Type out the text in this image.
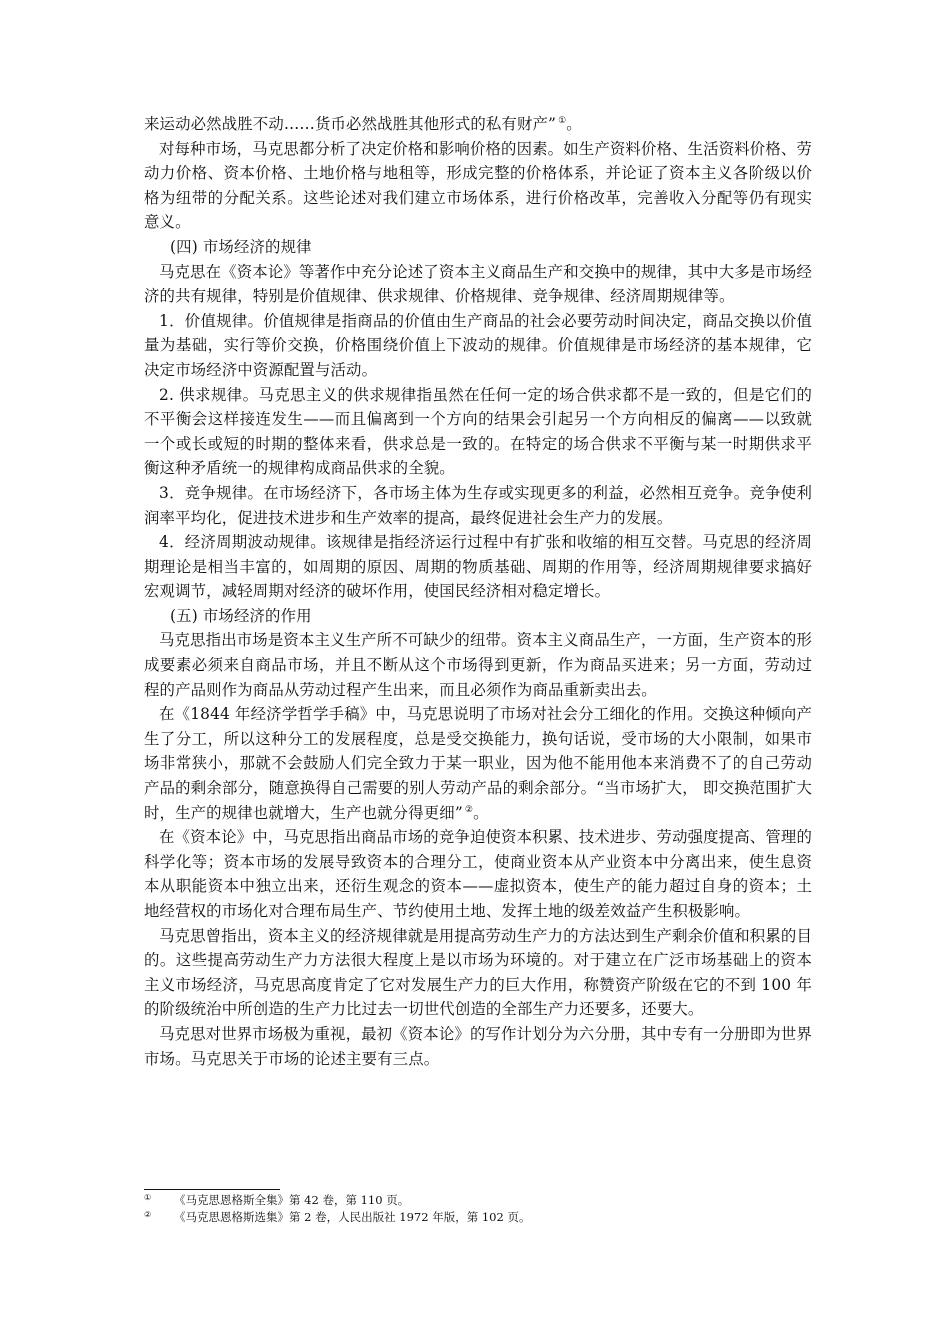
来运动必然战胜不动……货币必然战胜其他形式的私有财产” ①。

对每种市场，马克思都分析了决定价格和影响价格的因素。如生产资料价格、生活资料价格、劳动力价格、资本价格、土地价格与地租等，形成完整的价格体系，并论证了资本主义各阶级以价格为纽带的分配关系。这些论述对我们建立市场体系，进行价格改革，完善收入分配等仍有现实意义。

(四) 市场经济的规律

马克思在《资本论》等著作中充分论述了资本主义商品生产和交换中的规律，其中大多是市场经济的共有规律，特别是价值规律、供求规律、价格规律、竞争规律、经济周期规律等。

1．价值规律。价值规律是指商品的价值由生产商品的社会必要劳动时间决定，商品交换以价值量为基础，实行等价交换，价格围绕价值上下波动的规律。价值规律是市场经济的基本规律，它决定市场经济中资源配置与活动。

2. 供求规律。马克思主义的供求规律指虽然在任何一定的场合供求都不是一致的，但是它们的不平衡会这样接连发生——而且偏离到一个方向的结果会引起另一个方向相反的偏离——以致就一个或长或短的时期的整体来看，供求总是一致的。在特定的场合供求不平衡与某一时期供求平衡这种矛盾统一的规律构成商品供求的全貌。

3．竞争规律。在市场经济下，各市场主体为生存或实现更多的利益，必然相互竞争。竞争使利润率平均化，促进技术进步和生产效率的提高，最终促进社会生产力的发展。

4．经济周期波动规律。该规律是指经济运行过程中有扩张和收缩的相互交替。马克思的经济周期理论是相当丰富的，如周期的原因、周期的物质基础、周期的作用等，经济周期规律要求搞好宏观调节，减轻周期对经济的破坏作用，使国民经济相对稳定增长。

(五) 市场经济的作用

马克思指出市场是资本主义生产所不可缺少的纽带。资本主义商品生产，一方面，生产资本的形成要素必须来自商品市场，并且不断从这个市场得到更新，作为商品买进来；另一方面，劳动过程的产品则作为商品从劳动过程产生出来，而且必须作为商品重新卖出去。

在《1844 年经济学哲学手稿》中，马克思说明了市场对社会分工细化的作用。交换这种倾向产生了分工，所以这种分工的发展程度，总是受交换能力，换句话说，受市场的大小限制，如果市场非常狭小，那就不会鼓励人们完全致力于某一职业，因为他不能用他本来消费不了的自己劳动产品的剩余部分，随意换得自己需要的别人劳动产品的剩余部分。“当市场扩大， 即交换范围扩大时，生产的规律也就增大，生产也就分得更细” ②。

在《资本论》中，马克思指出商品市场的竞争迫使资本积累、技术进步、劳动强度提高、管理的科学化等；资本市场的发展导致资本的合理分工，使商业资本从产业资本中分离出来，使生息资本从职能资本中独立出来，还衍生观念的资本——虚拟资本，使生产的能力超过自身的资本；土地经营权的市场化对合理布局生产、节约使用土地、发挥土地的级差效益产生积极影响。

马克思曾指出，资本主义的经济规律就是用提高劳动生产力的方法达到生产剩余价值和积累的目的。这些提高劳动生产力方法很大程度上是以市场为环境的。对于建立在广泛市场基础上的资本主义市场经济，马克思高度肯定了它对发展生产力的巨大作用，称赞资产阶级在它的不到 100 年的阶级统治中所创造的生产力比过去一切世代创造的全部生产力还要多，还要大。

马克思对世界市场极为重视，最初《资本论》的写作计划分为六分册，其中专有一分册即为世界市场。马克思关于市场的论述主要有三点。

① 《马克思恩格斯全集》第 42 卷，第 110 页。
② 《马克思恩格斯选集》第 2 卷，人民出版社 1972 年版，第 102 页。
